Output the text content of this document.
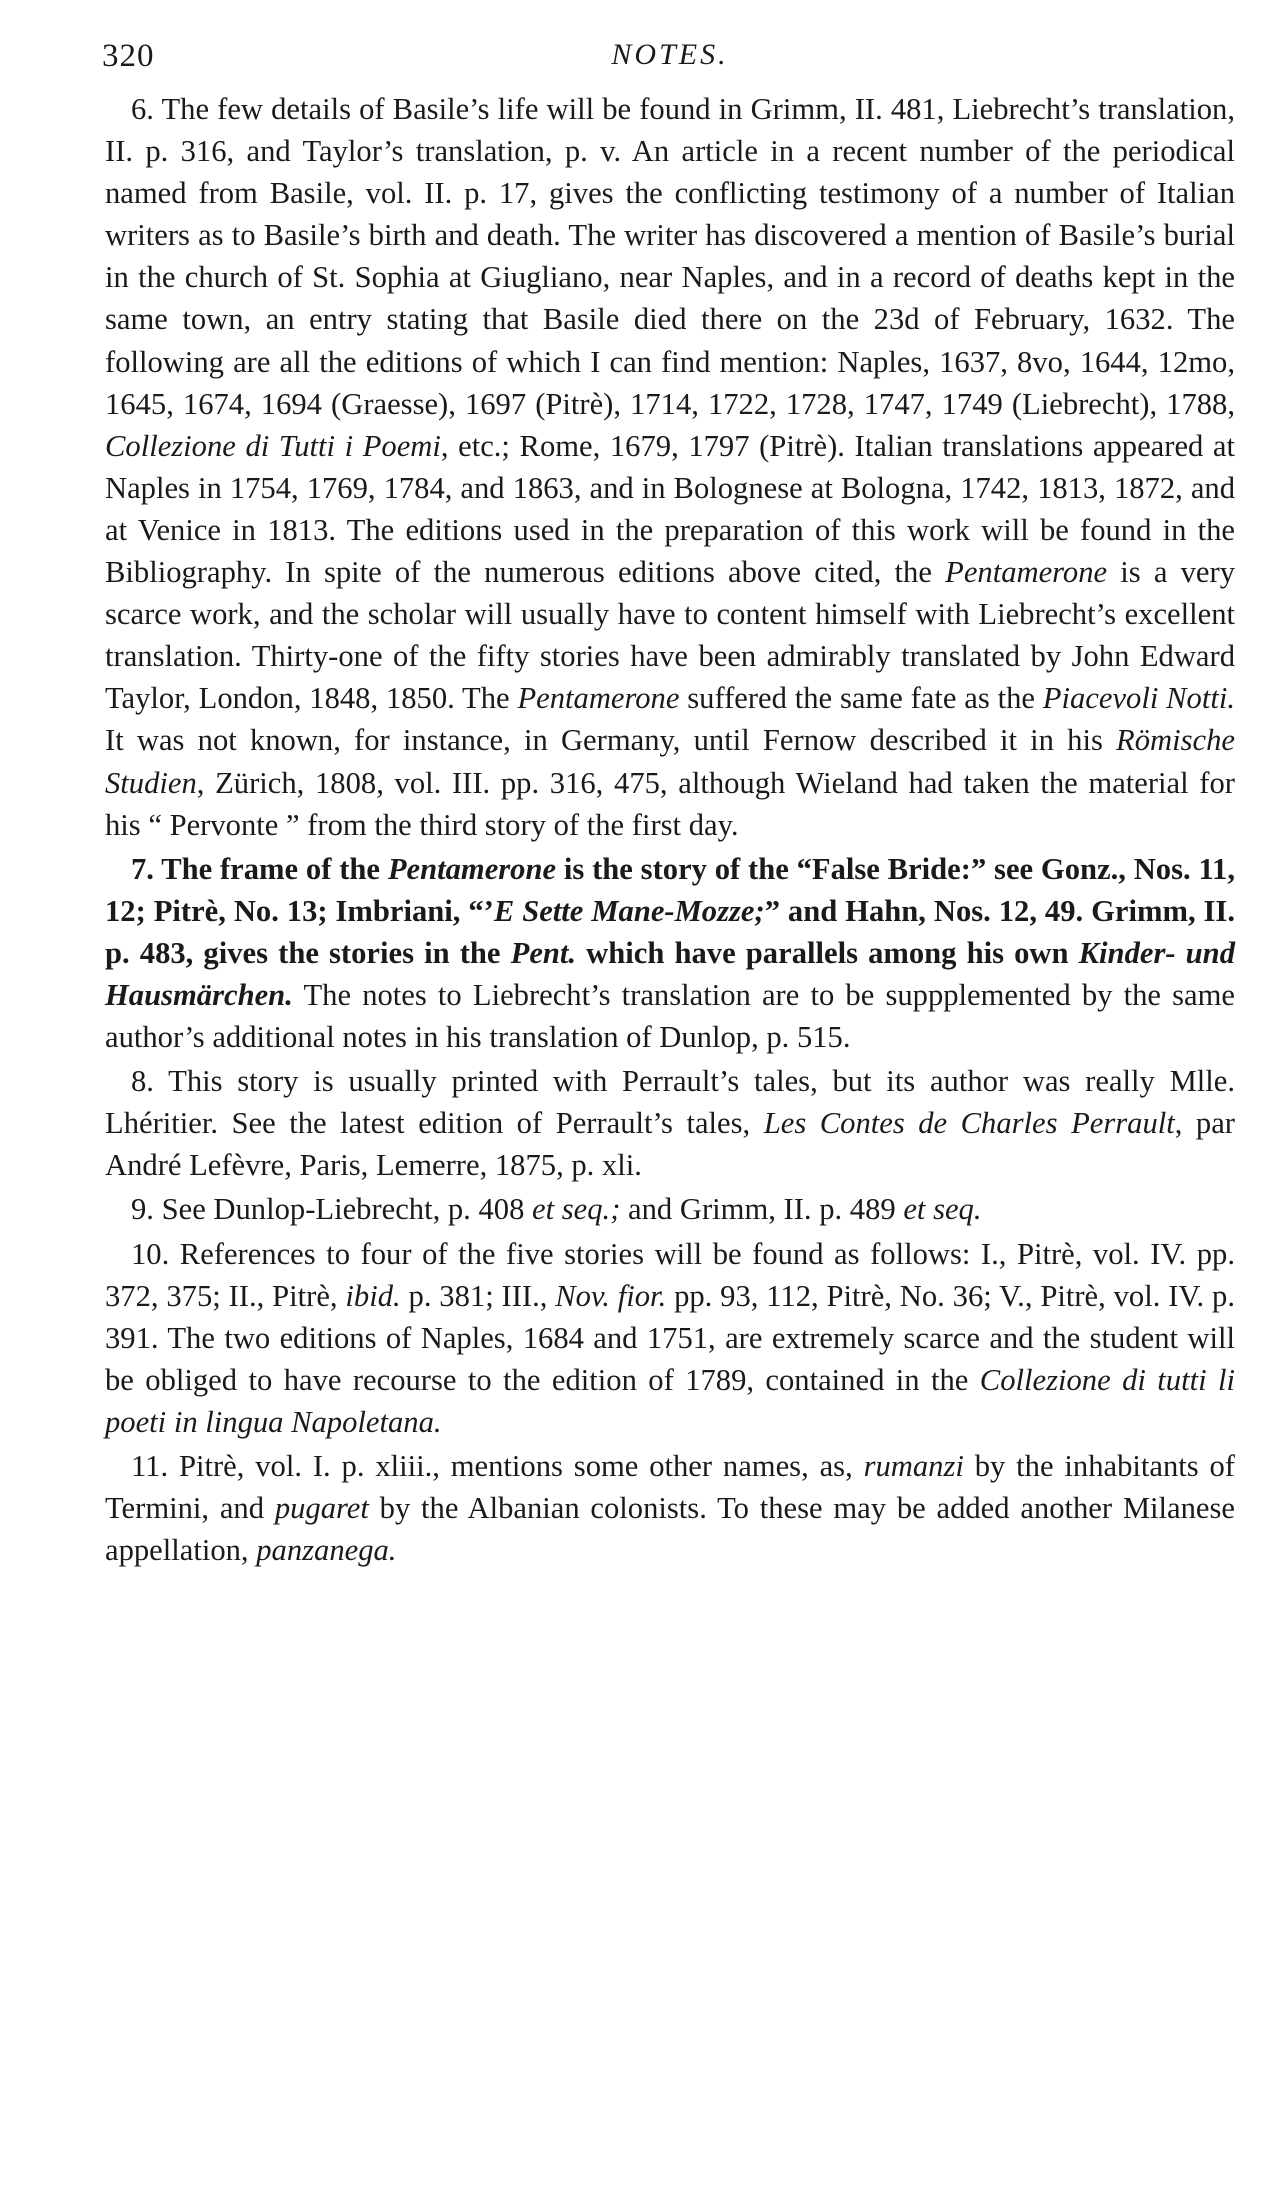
320	NOTES.

6. The few details of Basile’s life will be found in Grimm, II. 481, Liebrecht’s translation, II. p. 316, and Taylor’s translation, p. v. An article in a recent number of the periodical named from Basile, vol. II. p. 17, gives the conflicting testimony of a number of Italian writers as to Basile’s birth and death. The writer has discovered a mention of Basile’s burial in the church of St. Sophia at Giugliano, near Naples, and in a record of deaths kept in the same town, an entry stating that Basile died there on the 23d of February, 1632. The following are all the editions of which I can find mention: Naples, 1637, 8vo, 1644, 12mo, 1645, 1674, 1694 (Graesse), 1697 (Pitrè), 1714, 1722, 1728, 1747, 1749 (Liebrecht), 1788, Collezione di Tutti i Poemi, etc.; Rome, 1679, 1797 (Pitrè). Italian translations appeared at Naples in 1754, 1769, 1784, and 1863, and in Bolognese at Bologna, 1742, 1813, 1872, and at Venice in 1813. The editions used in the preparation of this work will be found in the Bibliography. In spite of the numerous editions above cited, the Pentamerone is a very scarce work, and the scholar will usually have to content himself with Liebrecht’s excellent translation. Thirty-one of the fifty stories have been admirably translated by John Edward Taylor, London, 1848, 1850. The Pentamerone suffered the same fate as the Piacevoli Notti. It was not known, for instance, in Germany, until Fernow described it in his Römische Studien, Zürich, 1808, vol. III. pp. 316, 475, although Wieland had taken the material for his “ Pervonte ” from the third story of the first day.

7. The frame of the Pentamerone is the story of the “False Bride:” see Gonz., Nos. 11, 12; Pitrè, No. 13; Imbriani, “’E Sette Mane-Mozze;” and Hahn, Nos. 12, 49. Grimm, II. p. 483, gives the stories in the Pent. which have parallels among his own Kinder- und Hausmärchen. The notes to Liebrecht’s translation are to be suppplemented by the same author’s additional notes in his translation of Dunlop, p. 515.

8. This story is usually printed with Perrault’s tales, but its author was really Mlle. Lhéritier. See the latest edition of Perrault’s tales, Les Contes de Charles Perrault, par André Lefèvre, Paris, Lemerre, 1875, p. xli.

9. See Dunlop-Liebrecht, p. 408 et seq.; and Grimm, II. p. 489 et seq.

10. References to four of the five stories will be found as follows: I., Pitrè, vol. IV. pp. 372, 375; II., Pitrè, ibid. p. 381; III., Nov. fior. pp. 93, 112, Pitrè, No. 36; V., Pitrè, vol. IV. p. 391. The two editions of Naples, 1684 and 1751, are extremely scarce and the student will be obliged to have recourse to the edition of 1789, contained in the Collezione di tutti li poeti in lingua Napoletana.

11. Pitrè, vol. I. p. xliii., mentions some other names, as, rumanzi by the inhabitants of Termini, and pugaret by the Albanian colonists. To these may be added another Milanese appellation, panzanega.
